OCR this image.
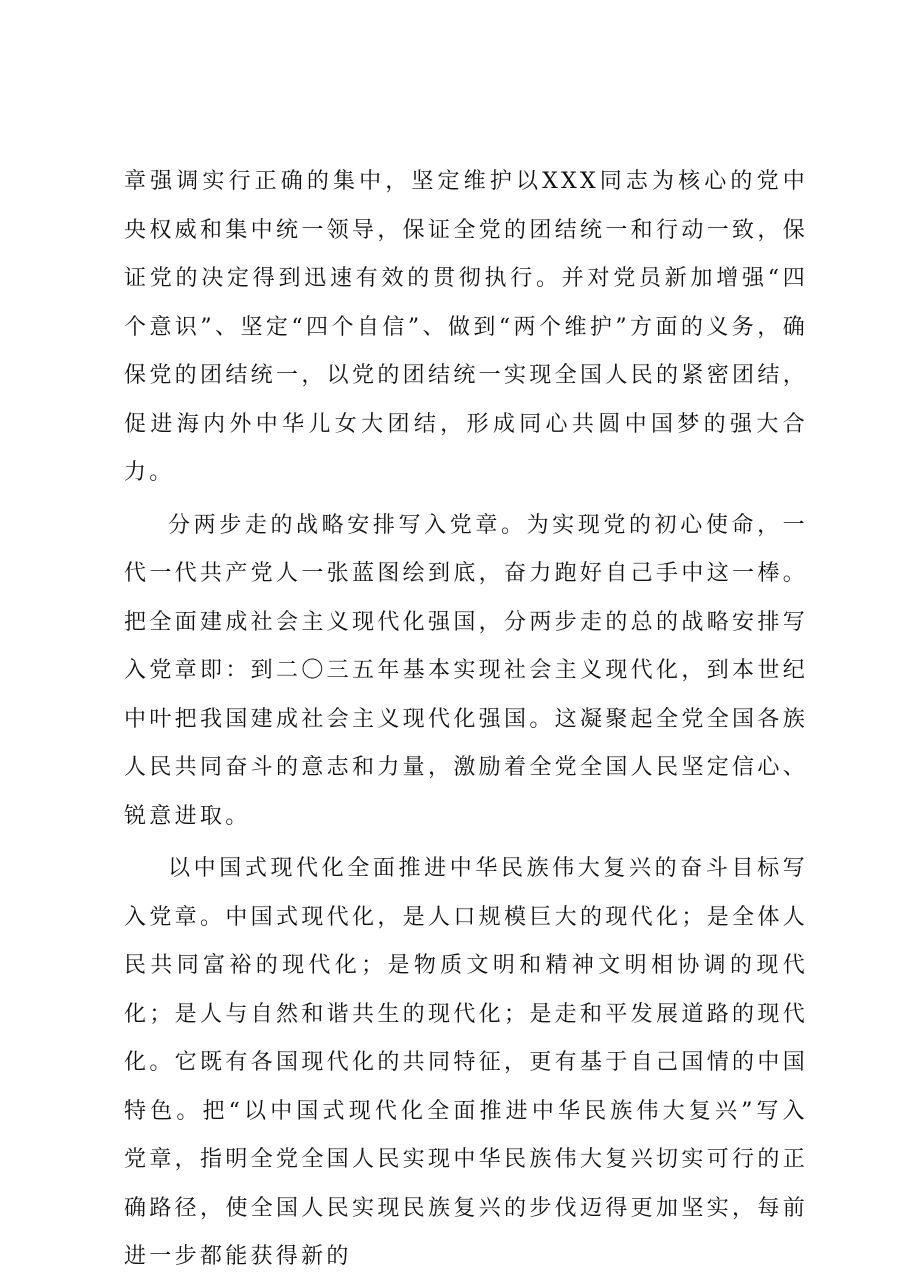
章强调实行正确的集中，坚定维护以XXX同志为核心的党中央权威和集中统一领导，保证全党的团结统一和行动一致，保证党的决定得到迅速有效的贯彻执行。并对党员新加增强“四个意识”、坚定“四个自信”、做到“两个维护”方面的义务，确保党的团结统一，以党的团结统一实现全国人民的紧密团结，促进海内外中华儿女大团结，形成同心共圆中国梦的强大合力。

分两步走的战略安排写入党章。为实现党的初心使命，一代一代共产党人一张蓝图绘到底，奋力跑好自己手中这一棒。把全面建成社会主义现代化强国，分两步走的总的战略安排写入党章即：到二〇三五年基本实现社会主义现代化，到本世纪中叶把我国建成社会主义现代化强国。这凝聚起全党全国各族人民共同奋斗的意志和力量，激励着全党全国人民坚定信心、锐意进取。

以中国式现代化全面推进中华民族伟大复兴的奋斗目标写入党章。中国式现代化，是人口规模巨大的现代化；是全体人民共同富裕的现代化；是物质文明和精神文明相协调的现代化；是人与自然和谐共生的现代化；是走和平发展道路的现代化。它既有各国现代化的共同特征，更有基于自己国情的中国特色。把“以中国式现代化全面推进中华民族伟大复兴”写入党章，指明全党全国人民实现中华民族伟大复兴切实可行的正确路径，使全国人民实现民族复兴的步伐迈得更加坚实，每前进一步都能获得新的
